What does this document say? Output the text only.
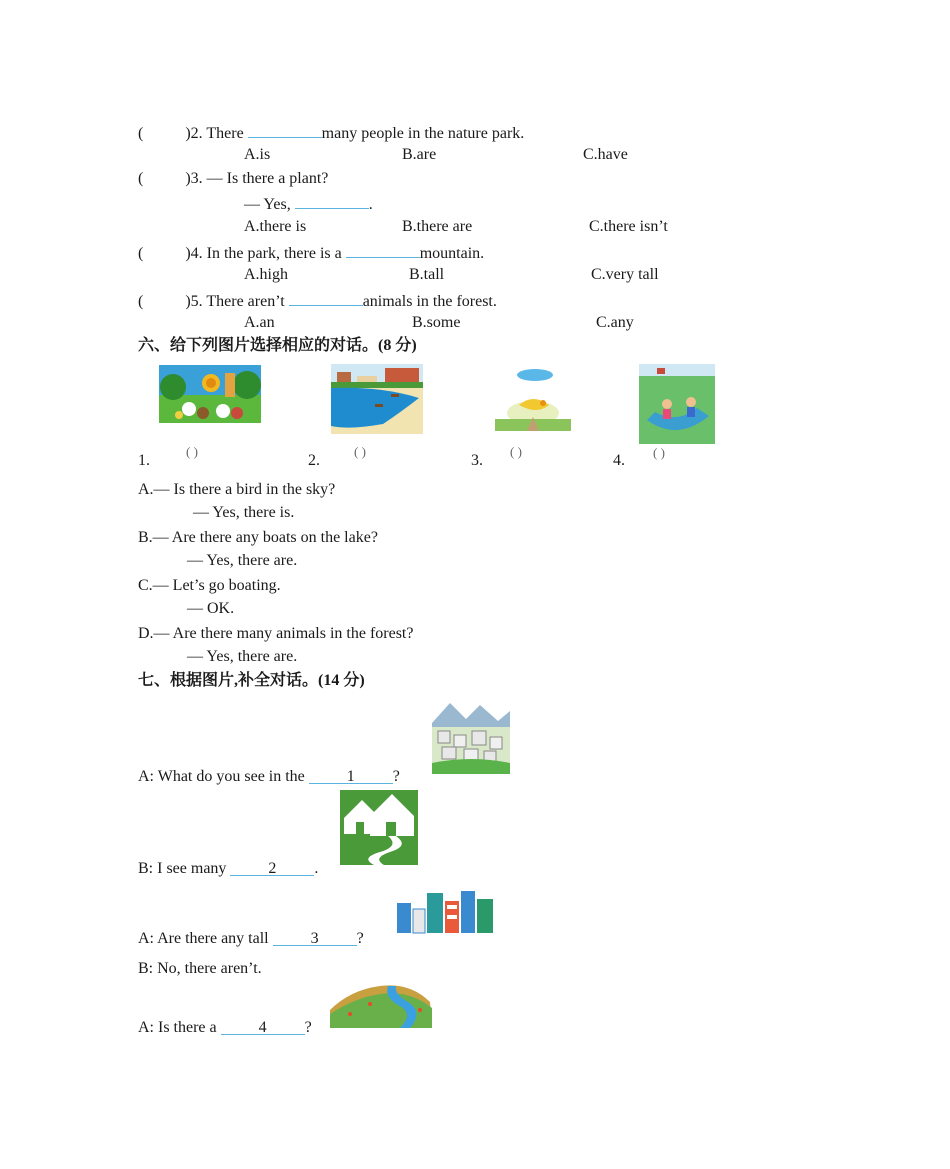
(	)2. There	many people in the nature park.
A.is	B.are	C.have
(	)3. — Is there a plant?
— Yes,	.
A.there is	B.there are	C.there isn’t
(	)4. In the park, there is a	mountain.
A.high	B.tall	C.very tall
(	)5. There aren’t	animals in the forest.
A.an	B.some	C.any
六、给下列图片选择相应的对话。(8 分)
1.
( )
2.
( )
3.
( )
4. ( )
A.— Is there a bird in the sky?
— Yes, there is.
B.— Are there any boats on the lake?
— Yes, there are.
C.— Let’s go boating.
— OK.
D.— Are there many animals in the forest?
— Yes, there are.
七、根据图片,补全对话。(14 分)
A: What do you see in the 1 ?
B: I see many 2 .
A: Are there any tall 3 ?
B: No, there aren’t.
A: Is there a 4 ?
